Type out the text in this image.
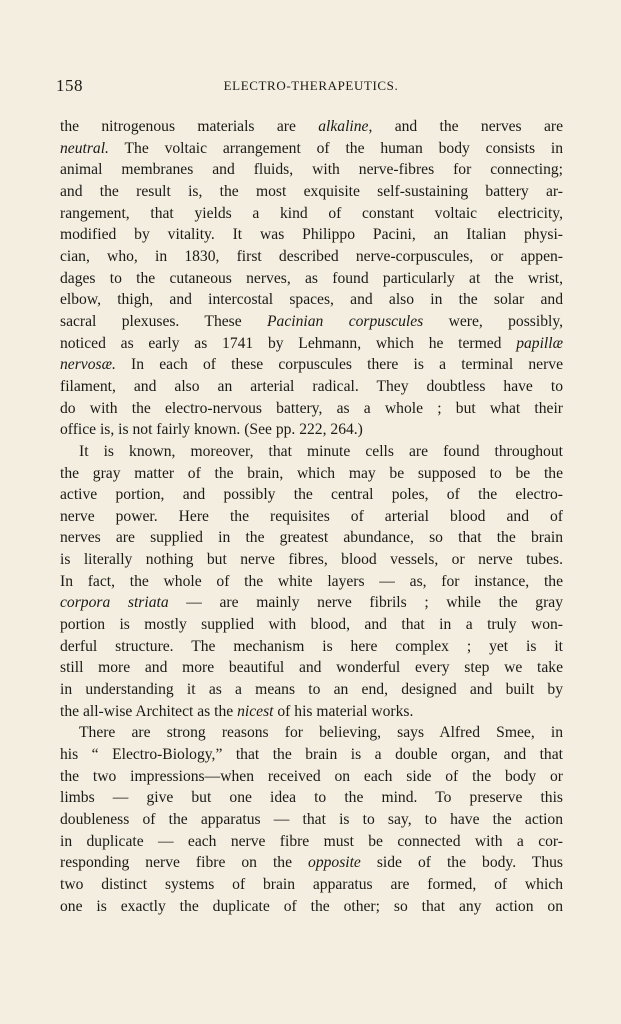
158	ELECTRO-THERAPEUTICS.
the nitrogenous materials are alkaline, and the nerves are
neutral. The voltaic arrangement of the human body consists in
animal membranes and fluids, with nerve-fibres for connecting;
and the result is, the most exquisite self-sustaining battery ar-
rangement, that yields a kind of constant voltaic electricity,
modified by vitality. It was Philippo Pacini, an Italian physi-
cian, who, in 1830, first described nerve-corpuscules, or appen-
dages to the cutaneous nerves, as found particularly at the wrist,
elbow, thigh, and intercostal spaces, and also in the solar and
sacral plexuses. These Pacinian corpuscules were, possibly,
noticed as early as 1741 by Lehmann, which he termed papillæ
nervosæ. In each of these corpuscules there is a terminal nerve
filament, and also an arterial radical. They doubtless have to
do with the electro-nervous battery, as a whole ; but what their
office is, is not fairly known. (See pp. 222, 264.)
It is known, moreover, that minute cells are found throughout
the gray matter of the brain, which may be supposed to be the
active portion, and possibly the central poles, of the electro-
nerve power. Here the requisites of arterial blood and of
nerves are supplied in the greatest abundance, so that the brain
is literally nothing but nerve fibres, blood vessels, or nerve tubes.
In fact, the whole of the white layers — as, for instance, the
corpora striata — are mainly nerve fibrils ; while the gray
portion is mostly supplied with blood, and that in a truly won-
derful structure. The mechanism is here complex ; yet is it
still more and more beautiful and wonderful every step we take
in understanding it as a means to an end, designed and built by
the all-wise Architect as the nicest of his material works.
There are strong reasons for believing, says Alfred Smee, in
his “ Electro-Biology,” that the brain is a double organ, and that
the two impressions—when received on each side of the body or
limbs — give but one idea to the mind. To preserve this
doubleness of the apparatus — that is to say, to have the action
in duplicate — each nerve fibre must be connected with a cor-
responding nerve fibre on the opposite side of the body. Thus
two distinct systems of brain apparatus are formed, of which
one is exactly the duplicate of the other; so that any action on
